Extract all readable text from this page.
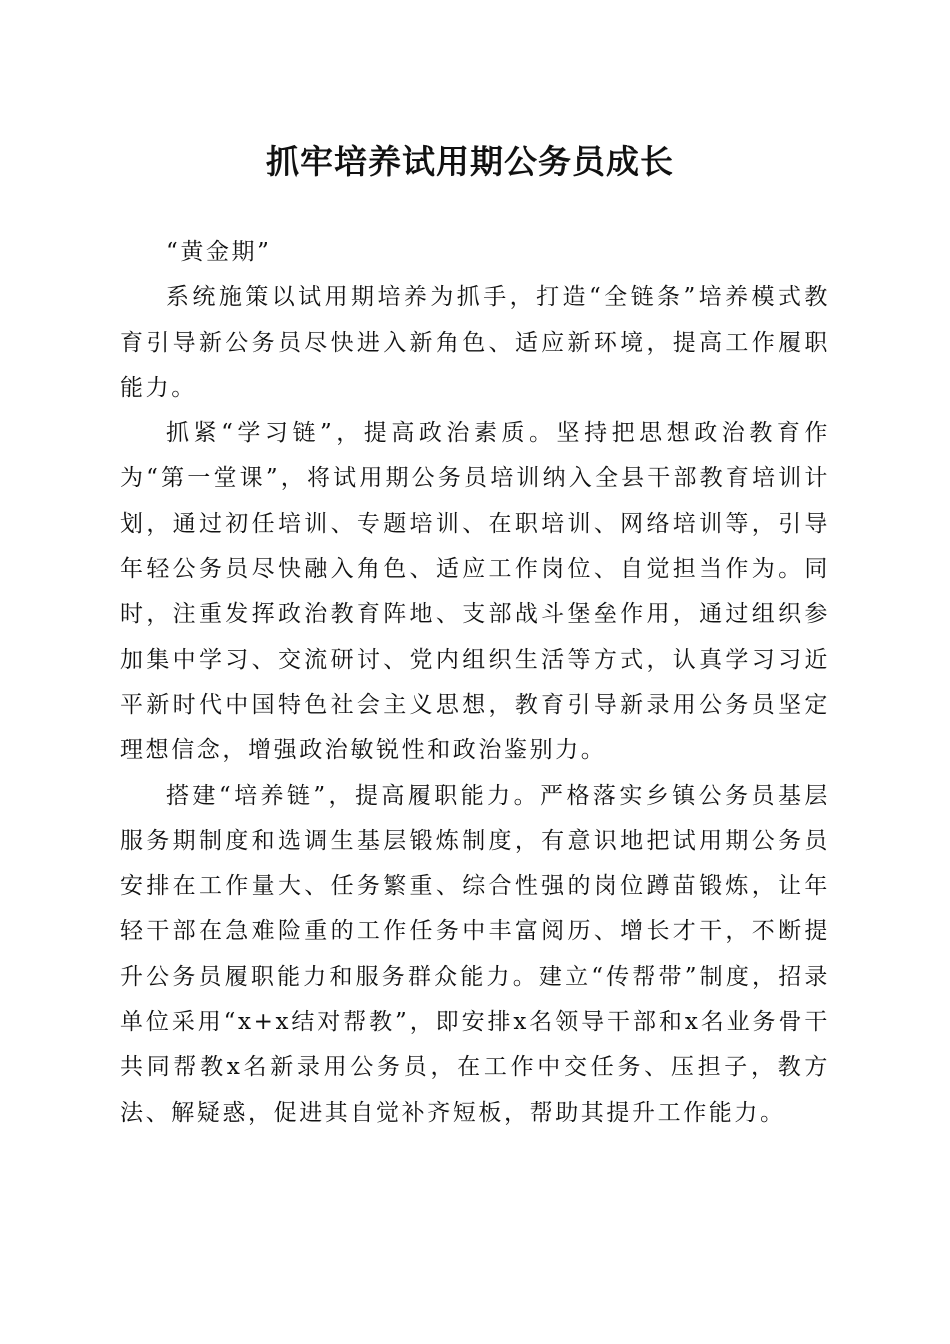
抓牢培养试用期公务员成长

“黄金期”

系统施策以试用期培养为抓手，打造“全链条”培养模式教育引导新公务员尽快进入新角色、适应新环境，提高工作履职能力。

抓紧“学习链”，提高政治素质。坚持把思想政治教育作为“第一堂课”，将试用期公务员培训纳入全县干部教育培训计划，通过初任培训、专题培训、在职培训、网络培训等，引导年轻公务员尽快融入角色、适应工作岗位、自觉担当作为。同时，注重发挥政治教育阵地、支部战斗堡垒作用，通过组织参加集中学习、交流研讨、党内组织生活等方式，认真学习习近平新时代中国特色社会主义思想，教育引导新录用公务员坚定理想信念，增强政治敏锐性和政治鉴别力。

搭建“培养链”，提高履职能力。严格落实乡镇公务员基层服务期制度和选调生基层锻炼制度，有意识地把试用期公务员安排在工作量大、任务繁重、综合性强的岗位蹲苗锻炼，让年轻干部在急难险重的工作任务中丰富阅历、增长才干，不断提升公务员履职能力和服务群众能力。建立“传帮带”制度，招录单位采用“x+x结对帮教”，即安排x名领导干部和x名业务骨干共同帮教x名新录用公务员，在工作中交任务、压担子，教方法、解疑惑，促进其自觉补齐短板，帮助其提升工作能力。
